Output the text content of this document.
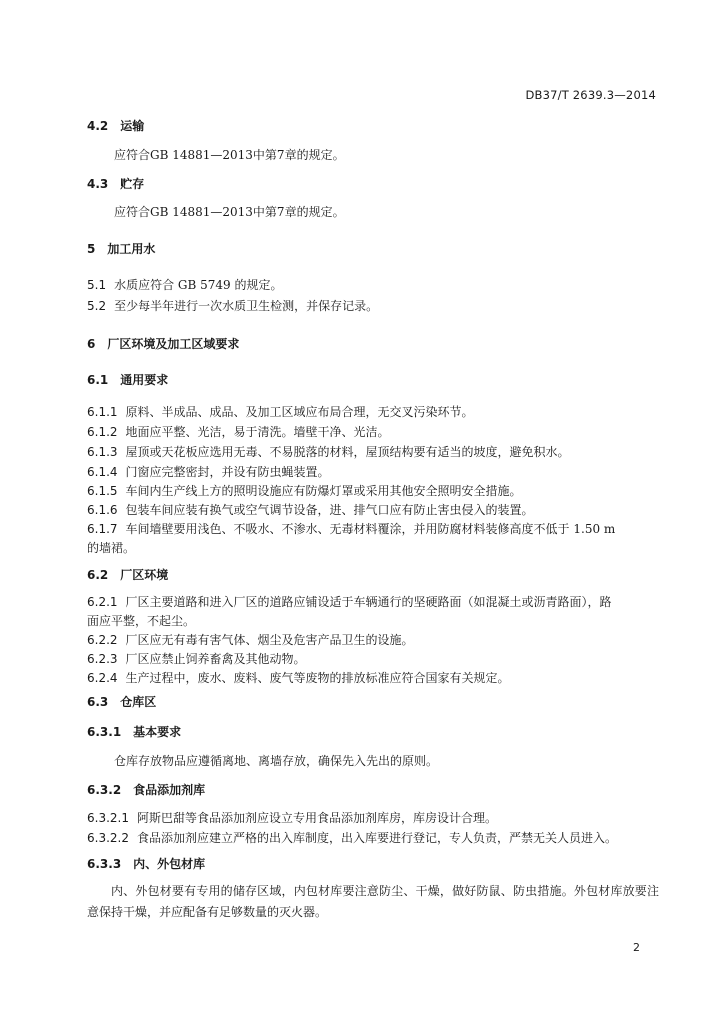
DB37/T 2639.3—2014
4.2 运输
应符合GB 14881—2013中第7章的规定。
4.3 贮存
应符合GB 14881—2013中第7章的规定。
5 加工用水
5.1 水质应符合 GB 5749 的规定。
5.2 至少每半年进行一次水质卫生检测，并保存记录。
6 厂区环境及加工区域要求
6.1 通用要求
6.1.1 原料、半成品、成品、及加工区域应布局合理，无交叉污染环节。
6.1.2 地面应平整、光洁，易于清洗。墙壁干净、光洁。
6.1.3 屋顶或天花板应选用无毒、不易脱落的材料，屋顶结构要有适当的坡度，避免积水。
6.1.4 门窗应完整密封，并设有防虫蝇装置。
6.1.5 车间内生产线上方的照明设施应有防爆灯罩或采用其他安全照明安全措施。
6.1.6 包装车间应装有换气或空气调节设备，进、排气口应有防止害虫侵入的装置。
6.1.7 车间墙壁要用浅色、不吸水、不渗水、无毒材料覆涂，并用防腐材料装修高度不低于 1.50 m
的墙裙。
6.2 厂区环境
6.2.1 厂区主要道路和进入厂区的道路应铺设适于车辆通行的坚硬路面（如混凝土或沥青路面），路
面应平整，不起尘。
6.2.2 厂区应无有毒有害气体、烟尘及危害产品卫生的设施。
6.2.3 厂区应禁止饲养畜禽及其他动物。
6.2.4 生产过程中，废水、废料、废气等废物的排放标准应符合国家有关规定。
6.3 仓库区
6.3.1 基本要求
仓库存放物品应遵循离地、离墙存放，确保先入先出的原则。
6.3.2 食品添加剂库
6.3.2.1 阿斯巴甜等食品添加剂应设立专用食品添加剂库房，库房设计合理。
6.3.2.2 食品添加剂应建立严格的出入库制度，出入库要进行登记，专人负责，严禁无关人员进入。
6.3.3 内、外包材库
内、外包材要有专用的储存区域，内包材库要注意防尘、干燥，做好防鼠、防虫措施。外包材库放要注意保持干燥，并应配备有足够数量的灭火器。
2
